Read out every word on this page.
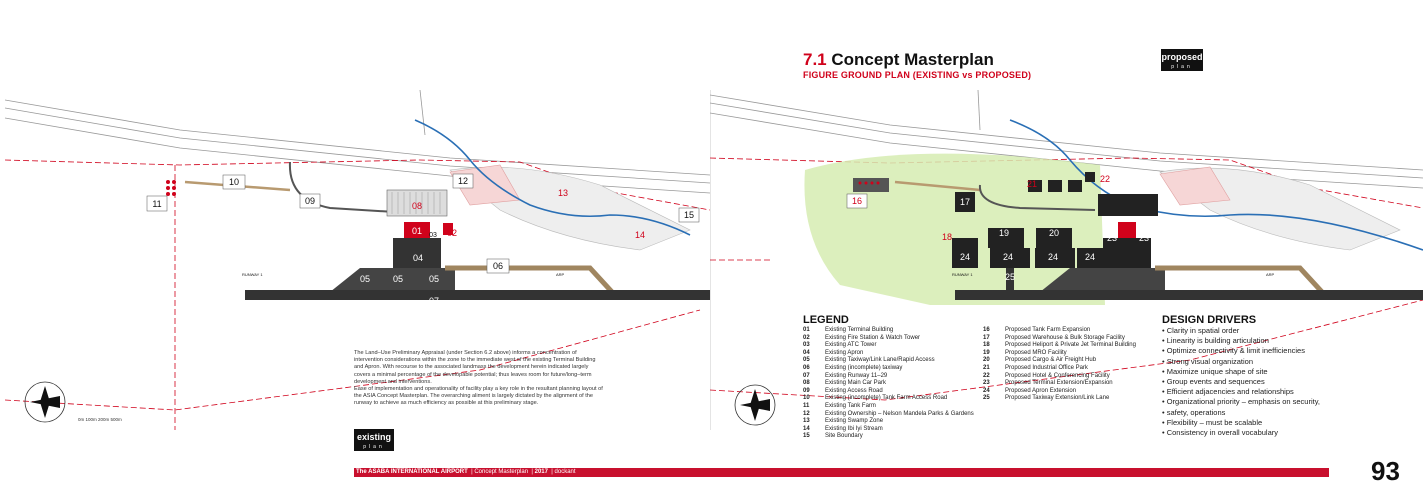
11
10
09	08
01 03 02
04
05	05	05
06
07
12
13
14
15
RUNWAY 1	ARP
16	17
18	19	20
21	22
23 23
24	24	24	24
25
RUNWAY 1	ARP
7.1 Concept Masterplan
FIGURE GROUND PLAN (EXISTING vs PROPOSED)
proposed
plan
existing
plan
0m 100m 200m 500m
The Land–Use Preliminary Appraisal (under Section 6.2 above) informs a concentration of intervention considerations within the zone to the immediate west of the existing Terminal Building and Apron. With recourse to the associated landmass the development herein indicated largely covers a minimal percentage of the developable potential; thus leaves room for future/long–term development and interventions.
Ease of implementation and operationality of facility play a key role in the resultant planning layout of the ASIA Concept Masterplan. The overarching aliment is largely dictated by the alignment of the runway to achieve as much efficiency as possible at this preliminary stage.
LEGEND
01	Existing Terminal Building
02	Existing Fire Station & Watch Tower
03	Existing ATC Tower
04	Existing Apron
05	Existing Taxiway/Link Lane/Rapid Access
06	Existing (incomplete) taxiway
07	Existing Runway 11–29
08	Existing Main Car Park
09	Existing Access Road
10	Existing (incomplete) Tank Farm Access Road
11	Existing Tank Farm
12	Existing Ownership – Nelson Mandela Parks & Gardens
13	Existing Swamp Zone
14	Existing Ibi Iyi Stream
15	Site Boundary
16	Proposed Tank Farm Expansion
17	Proposed Warehouse & Bulk Storage Facility
18	Proposed Heliport & Private Jet Terminal Building
19	Proposed MRO Facility
20	Proposed Cargo & Air Freight Hub
21	Proposed Industrial Office Park
22	Proposed Hotel & Conferencing Facility
23	Proposed Terminal Extension/Expansion
24	Proposed Apron Extension
25	Proposed Taxiway Extension/Link Lane
DESIGN DRIVERS
• Clarity in spatial order
• Linearity is building articulation
• Optimize connectivity & limit inefficiencies
• Strong visual organization
• Maximize unique shape of site
• Group events and sequences
• Efficient adjacencies and relationships
• Organizational priority – emphasis on security,
• safety, operations
• Flexibility – must be scalable
• Consistency in overall vocabulary
The ASABA INTERNATIONAL AIRPORT  | Concept Masterplan  | 2017  | dockant	93
